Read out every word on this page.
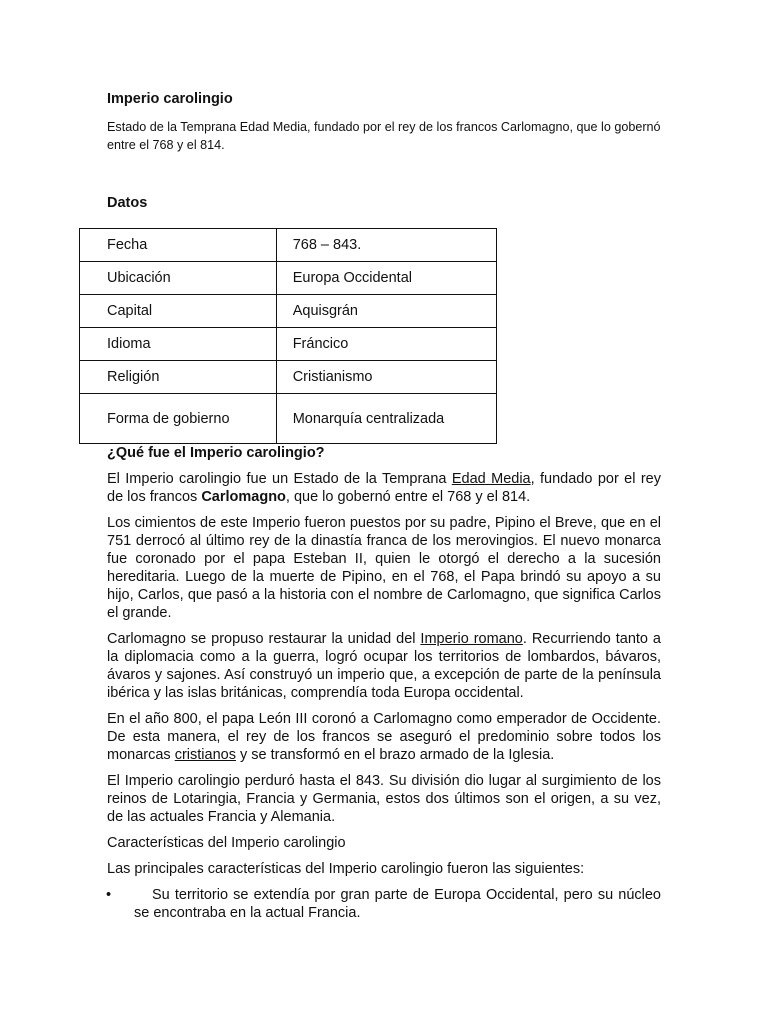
Imperio carolingio

Estado de la Temprana Edad Media, fundado por el rey de los francos Carlomagno, que lo gobernó entre el 768 y el 814.

Datos
Fecha	768 – 843.
Ubicación	Europa Occidental
Capital	Aquisgrán
Idioma	Fráncico
Religión	Cristianismo
Forma de gobierno	Monarquía centralizada
¿Qué fue el Imperio carolingio?

El Imperio carolingio fue un Estado de la Temprana Edad Media, fundado por el rey de los francos Carlomagno, que lo gobernó entre el 768 y el 814.

Los cimientos de este Imperio fueron puestos por su padre, Pipino el Breve, que en el 751 derrocó al último rey de la dinastía franca de los merovingios. El nuevo monarca fue coronado por el papa Esteban II, quien le otorgó el derecho a la sucesión hereditaria. Luego de la muerte de Pipino, en el 768, el Papa brindó su apoyo a su hijo, Carlos, que pasó a la historia con el nombre de Carlomagno, que significa Carlos el grande.

Carlomagno se propuso restaurar la unidad del Imperio romano. Recurriendo tanto a la diplomacia como a la guerra, logró ocupar los territorios de lombardos, bávaros, ávaros y sajones. Así construyó un imperio que, a excepción de parte de la península ibérica y las islas británicas, comprendía toda Europa occidental.

En el año 800, el papa León III coronó a Carlomagno como emperador de Occidente. De esta manera, el rey de los francos se aseguró el predominio sobre todos los monarcas cristianos y se transformó en el brazo armado de la Iglesia.

El Imperio carolingio perduró hasta el 843. Su división dio lugar al surgimiento de los reinos de Lotaringia, Francia y Germania, estos dos últimos son el origen, a su vez, de las actuales Francia y Alemania.

Características del Imperio carolingio

Las principales características del Imperio carolingio fueron las siguientes:

•	Su territorio se extendía por gran parte de Europa Occidental, pero su núcleo se encontraba en la actual Francia.
